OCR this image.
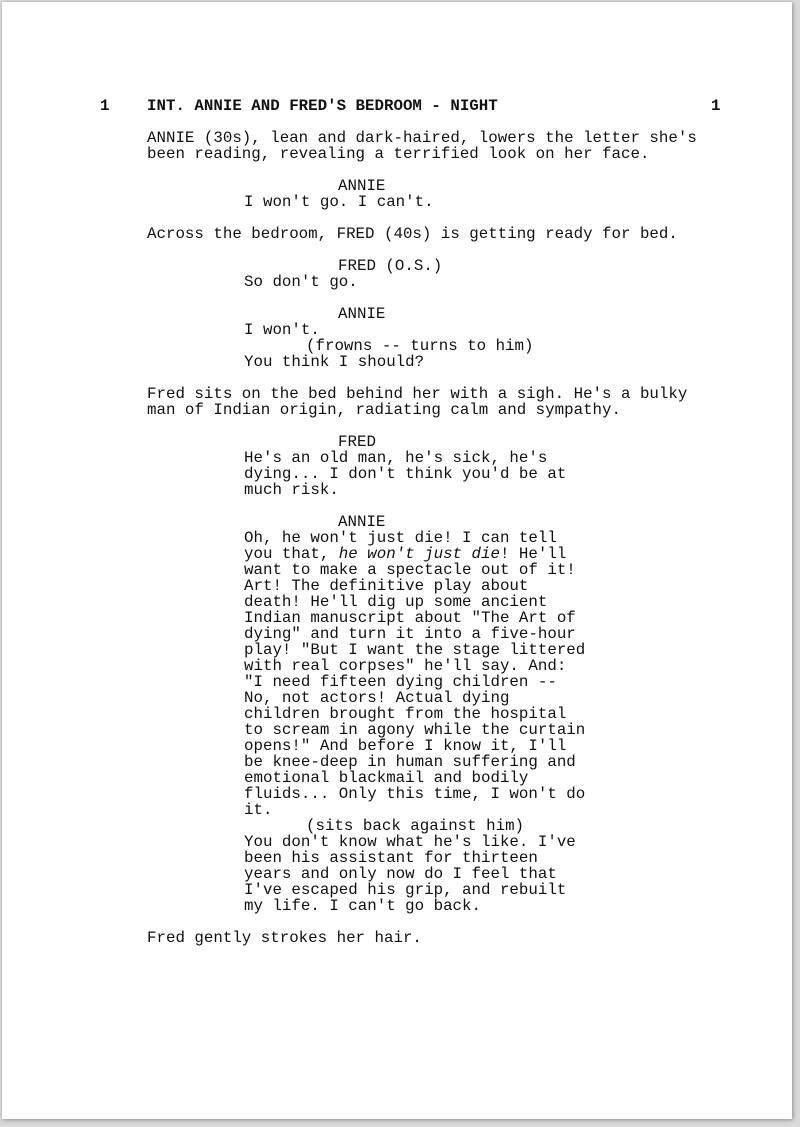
1 INT. ANNIE AND FRED'S BEDROOM - NIGHT	1
ANNIE (30s), lean and dark-haired, lowers the letter she's
been reading, revealing a terrified look on her face.
ANNIE
I won't go. I can't.
Across the bedroom, FRED (40s) is getting ready for bed.
FRED (O.S.)
So don't go.
ANNIE
I won't.
(frowns -- turns to him)
You think I should?
Fred sits on the bed behind her with a sigh. He's a bulky
man of Indian origin, radiating calm and sympathy.
FRED
He's an old man, he's sick, he's
dying... I don't think you'd be at
much risk.
ANNIE
Oh, he won't just die! I can tell
you that, he won't just die! He'll
want to make a spectacle out of it!
Art! The definitive play about
death! He'll dig up some ancient
Indian manuscript about "The Art of
dying" and turn it into a five-hour
play! "But I want the stage littered
with real corpses" he'll say. And:
"I need fifteen dying children --
No, not actors! Actual dying
children brought from the hospital
to scream in agony while the curtain
opens!" And before I know it, I'll
be knee-deep in human suffering and
emotional blackmail and bodily
fluids... Only this time, I won't do
it.
(sits back against him)
You don't know what he's like. I've
been his assistant for thirteen
years and only now do I feel that
I've escaped his grip, and rebuilt
my life. I can't go back.
Fred gently strokes her hair.
